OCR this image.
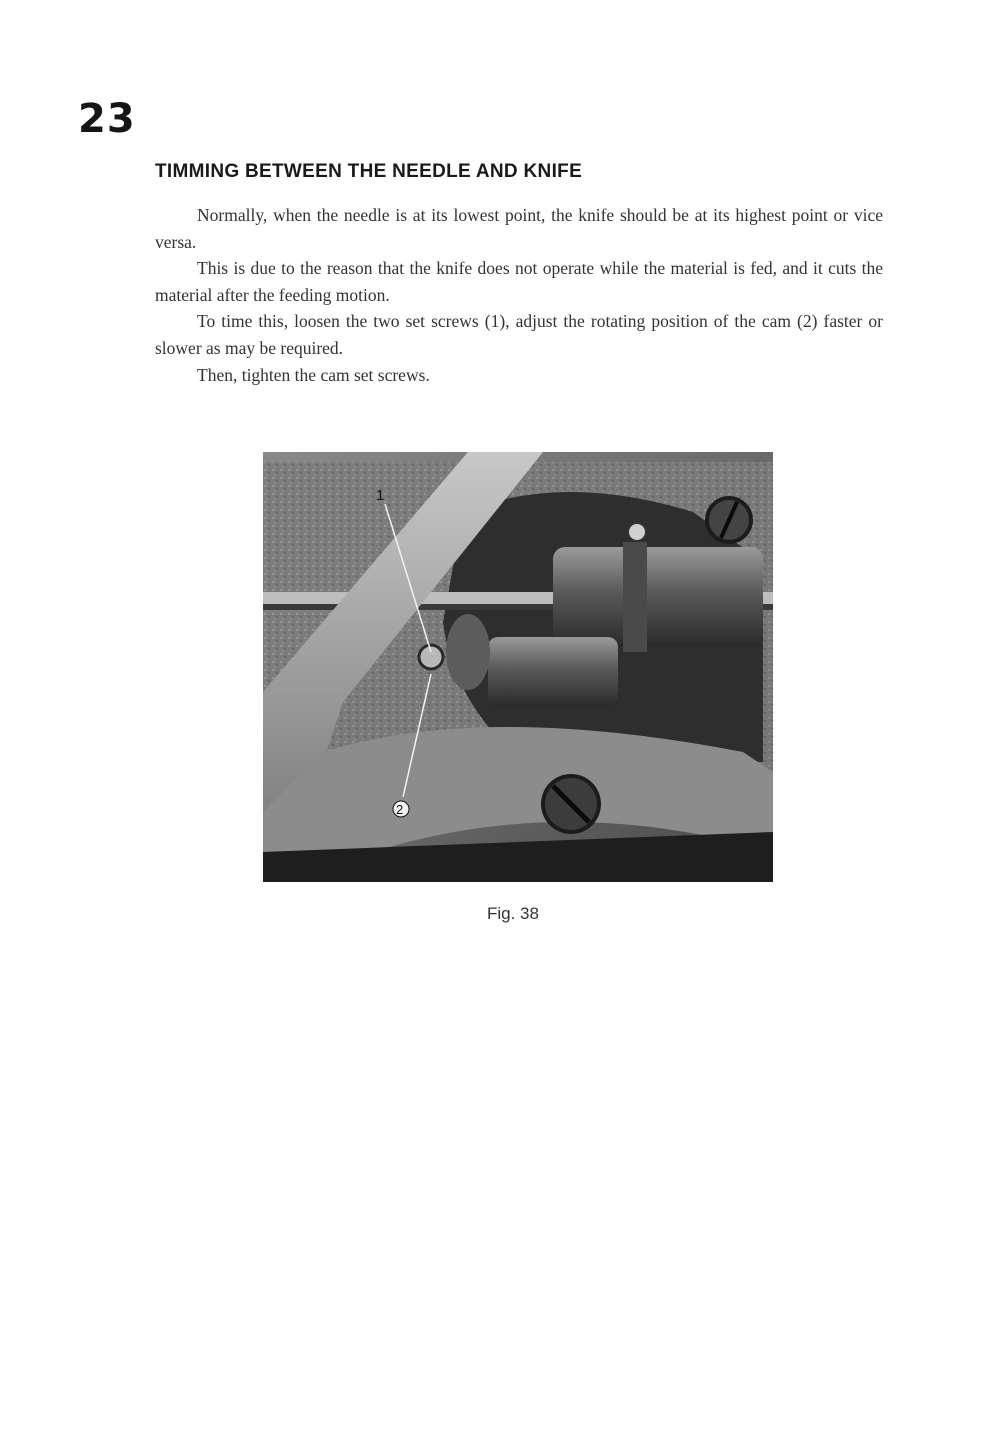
23
TIMMING BETWEEN THE NEEDLE AND KNIFE

Normally, when the needle is at its lowest point, the knife should be at its highest point or vice versa.

This is due to the reason that the knife does not operate while the material is fed, and it cuts the material after the feeding motion.

To time this, loosen the two set screws (1), adjust the rotating position of the cam (2) faster or slower as may be required.

Then, tighten the cam set screws.

1
2
Fig. 38
